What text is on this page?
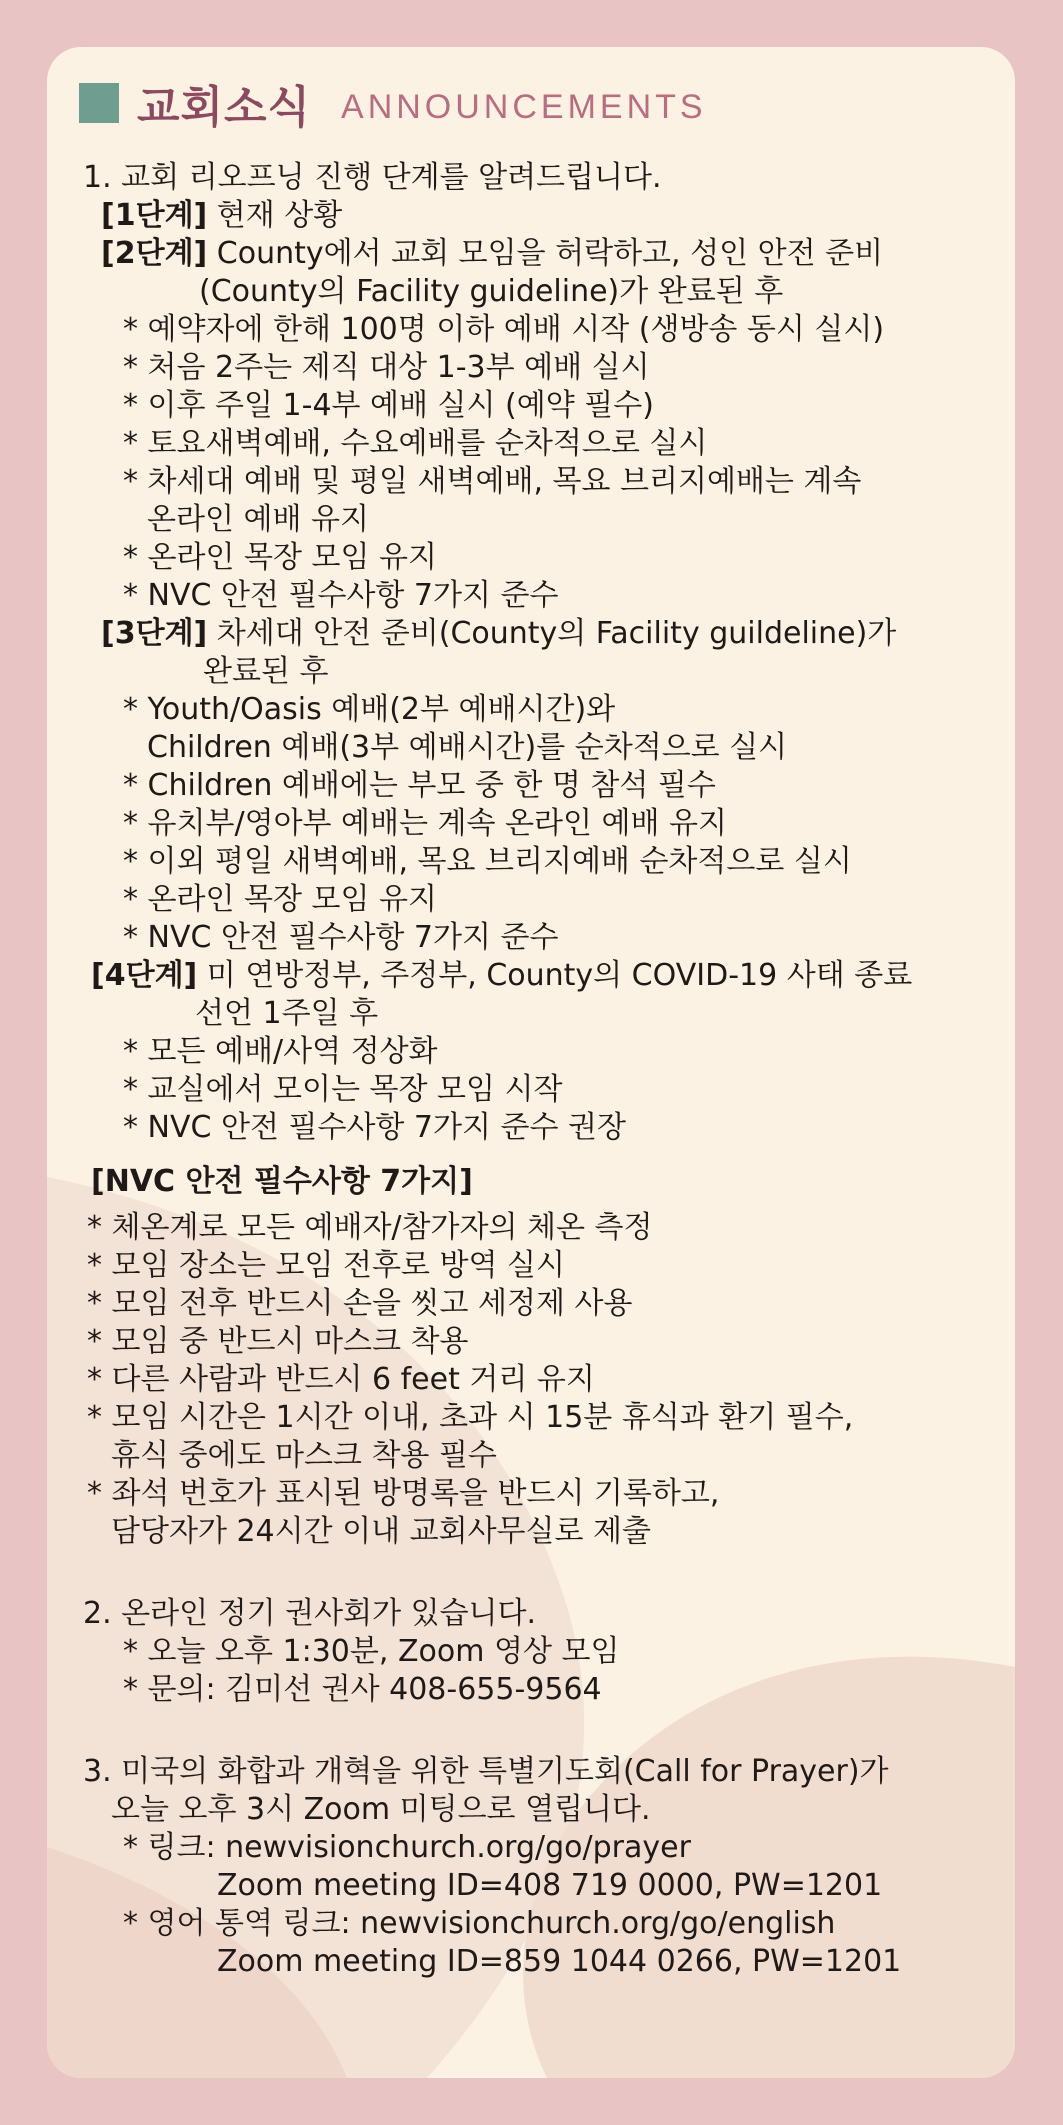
교회소식 ANNOUNCEMENTS
1. 교회 리오프닝 진행 단계를 알려드립니다.
[1단계] 현재 상황
[2단계] County에서 교회 모임을 허락하고, 성인 안전 준비
(County의 Facility guideline)가 완료된 후
* 예약자에 한해 100명 이하 예배 시작 (생방송 동시 실시)
* 처음 2주는 제직 대상 1-3부 예배 실시
* 이후 주일 1-4부 예배 실시 (예약 필수)
* 토요새벽예배, 수요예배를 순차적으로 실시
* 차세대 예배 및 평일 새벽예배, 목요 브리지예배는 계속
온라인 예배 유지
* 온라인 목장 모임 유지
* NVC 안전 필수사항 7가지 준수
[3단계] 차세대 안전 준비(County의 Facility guildeline)가
완료된 후
* Youth/Oasis 예배(2부 예배시간)와
Children 예배(3부 예배시간)를 순차적으로 실시
* Children 예배에는 부모 중 한 명 참석 필수
* 유치부/영아부 예배는 계속 온라인 예배 유지
* 이외 평일 새벽예배, 목요 브리지예배 순차적으로 실시
* 온라인 목장 모임 유지
* NVC 안전 필수사항 7가지 준수
[4단계] 미 연방정부, 주정부, County의 COVID-19 사태 종료
선언 1주일 후
* 모든 예배/사역 정상화
* 교실에서 모이는 목장 모임 시작
* NVC 안전 필수사항 7가지 준수 권장
[NVC 안전 필수사항 7가지]
* 체온계로 모든 예배자/참가자의 체온 측정
* 모임 장소는 모임 전후로 방역 실시
* 모임 전후 반드시 손을 씻고 세정제 사용
* 모임 중 반드시 마스크 착용
* 다른 사람과 반드시 6 feet 거리 유지
* 모임 시간은 1시간 이내, 초과 시 15분 휴식과 환기 필수,
휴식 중에도 마스크 착용 필수
* 좌석 번호가 표시된 방명록을 반드시 기록하고,
담당자가 24시간 이내 교회사무실로 제출
2. 온라인 정기 권사회가 있습니다.
* 오늘 오후 1:30분, Zoom 영상 모임
* 문의: 김미선 권사 408-655-9564
3. 미국의 화합과 개혁을 위한 특별기도회(Call for Prayer)가
오늘 오후 3시 Zoom 미팅으로 열립니다.
* 링크: newvisionchurch.org/go/prayer
Zoom meeting ID=408 719 0000, PW=1201
* 영어 통역 링크: newvisionchurch.org/go/english
Zoom meeting ID=859 1044 0266, PW=1201
